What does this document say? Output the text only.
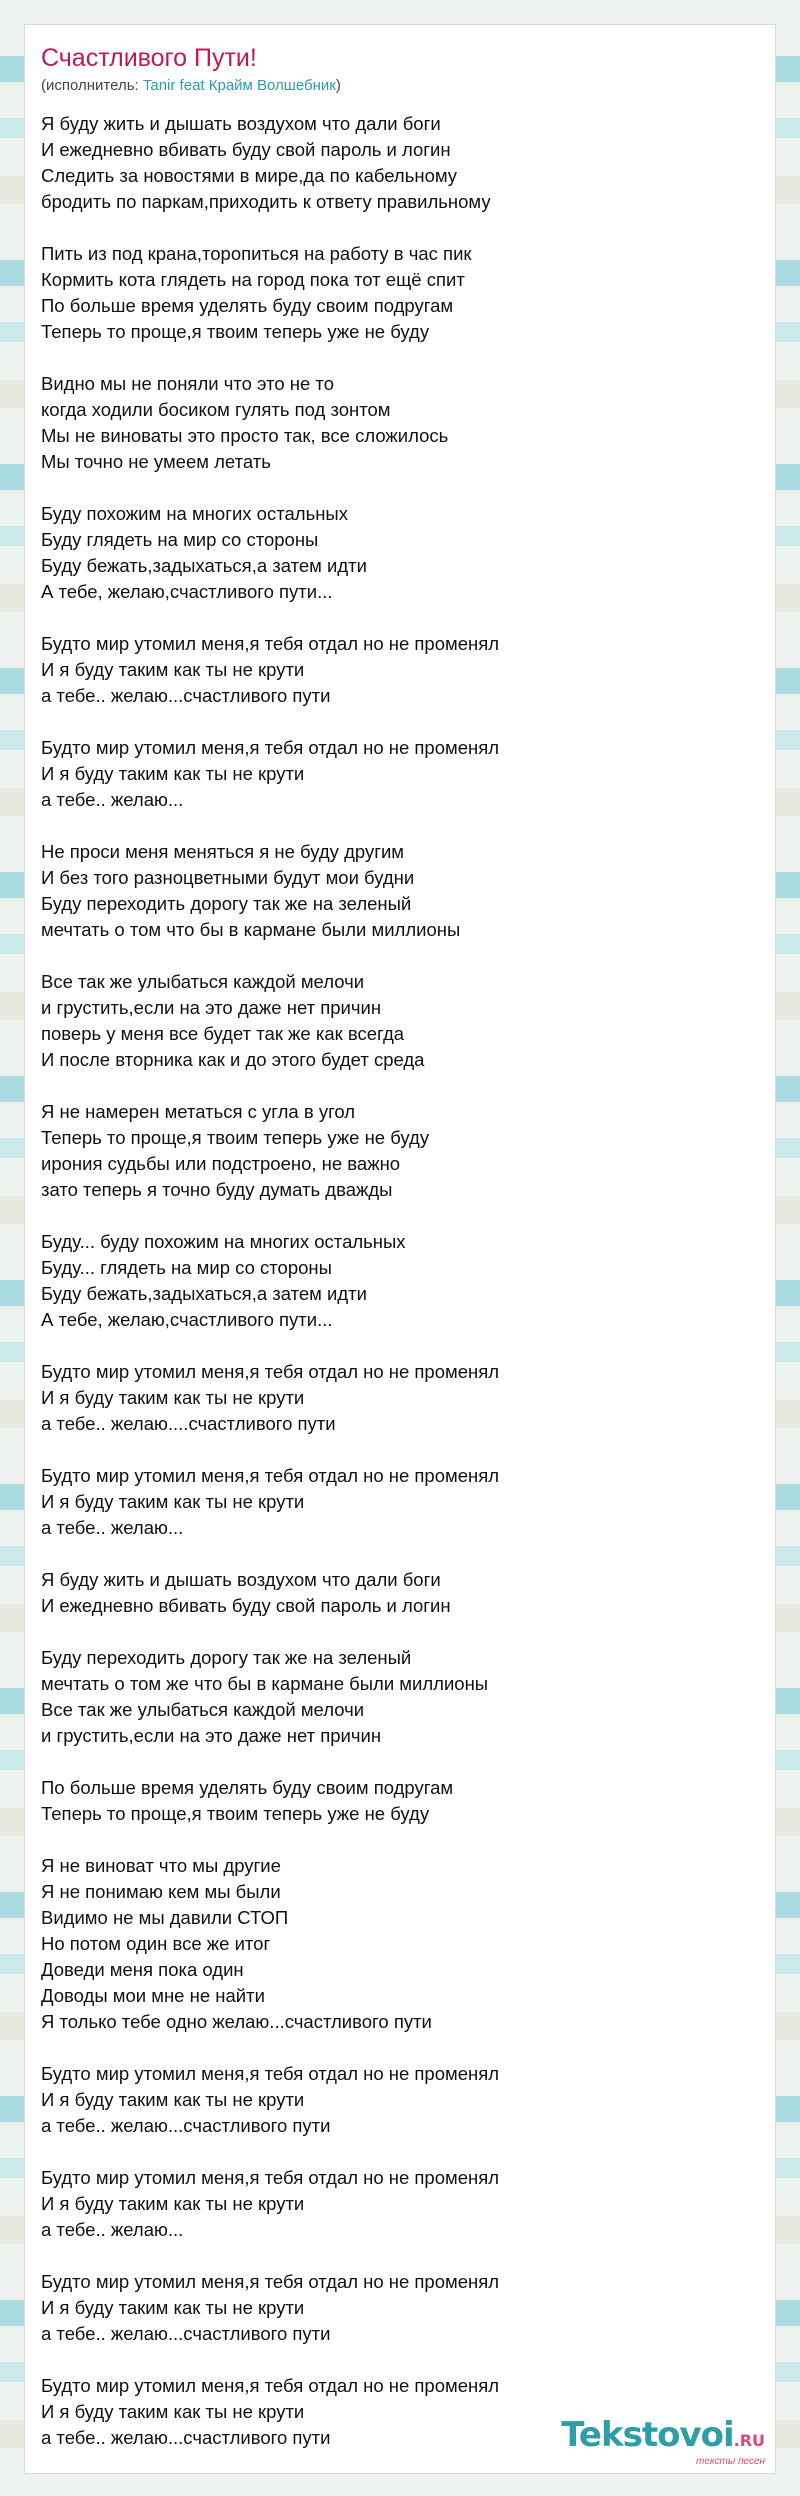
Счастливого Пути!
(исполнитель: Tanir feat Крайм Волшебник)
Я буду жить и дышать воздухом что дали боги
И ежедневно вбивать буду свой пароль и логин
Следить за новостями в мире,да по кабельному
бродить по паркам,приходить к ответу правильному
Пить из под крана,торопиться на работу в час пик
Кормить кота глядеть на город пока тот ещё спит
По больше время уделять буду своим подругам
Теперь то проще,я твоим теперь уже не буду
Видно мы не поняли что это не то
когда ходили босиком гулять под зонтом
Мы не виноваты это просто так, все сложилось
Мы точно не умеем летать
Буду похожим на многих остальных
Буду глядеть на мир со стороны
Буду бежать,задыхаться,а затем идти
А тебе, желаю,счастливого пути...
Будто мир утомил меня,я тебя отдал но не променял
И я буду таким как ты не крути
а тебе.. желаю...счастливого пути
Будто мир утомил меня,я тебя отдал но не променял
И я буду таким как ты не крути
а тебе.. желаю...
Не проси меня меняться я не буду другим
И без того разноцветными будут мои будни
Буду переходить дорогу так же на зеленый
мечтать о том что бы в кармане были миллионы
Все так же улыбаться каждой мелочи
и грустить,если на это даже нет причин
поверь у меня все будет так же как всегда
И после вторника как и до этого будет среда
Я не намерен метаться с угла в угол
Теперь то проще,я твоим теперь уже не буду
ирония судьбы или подстроено, не важно
зато теперь я точно буду думать дважды
Буду... буду похожим на многих остальных
Буду... глядеть на мир со стороны
Буду бежать,задыхаться,а затем идти
А тебе, желаю,счастливого пути...
Будто мир утомил меня,я тебя отдал но не променял
И я буду таким как ты не крути
а тебе.. желаю....счастливого пути
Будто мир утомил меня,я тебя отдал но не променял
И я буду таким как ты не крути
а тебе.. желаю...
Я буду жить и дышать воздухом что дали боги
И ежедневно вбивать буду свой пароль и логин
Буду переходить дорогу так же на зеленый
мечтать о том же что бы в кармане были миллионы
Все так же улыбаться каждой мелочи
и грустить,если на это даже нет причин
По больше время уделять буду своим подругам
Теперь то проще,я твоим теперь уже не буду
Я не виноват что мы другие
Я не понимаю кем мы были
Видимо не мы давили СТОП
Но потом один все же итог
Доведи меня пока один
Доводы мои мне не найти
Я только тебе одно желаю...счастливого пути
Будто мир утомил меня,я тебя отдал но не променял
И я буду таким как ты не крути
а тебе.. желаю...счастливого пути
Будто мир утомил меня,я тебя отдал но не променял
И я буду таким как ты не крути
а тебе.. желаю...
Будто мир утомил меня,я тебя отдал но не променял
И я буду таким как ты не крути
а тебе.. желаю...счастливого пути
Будто мир утомил меня,я тебя отдал но не променял
И я буду таким как ты не крути
а тебе.. желаю...счастливого пути	Tekstovoi.RU
тексты песен
